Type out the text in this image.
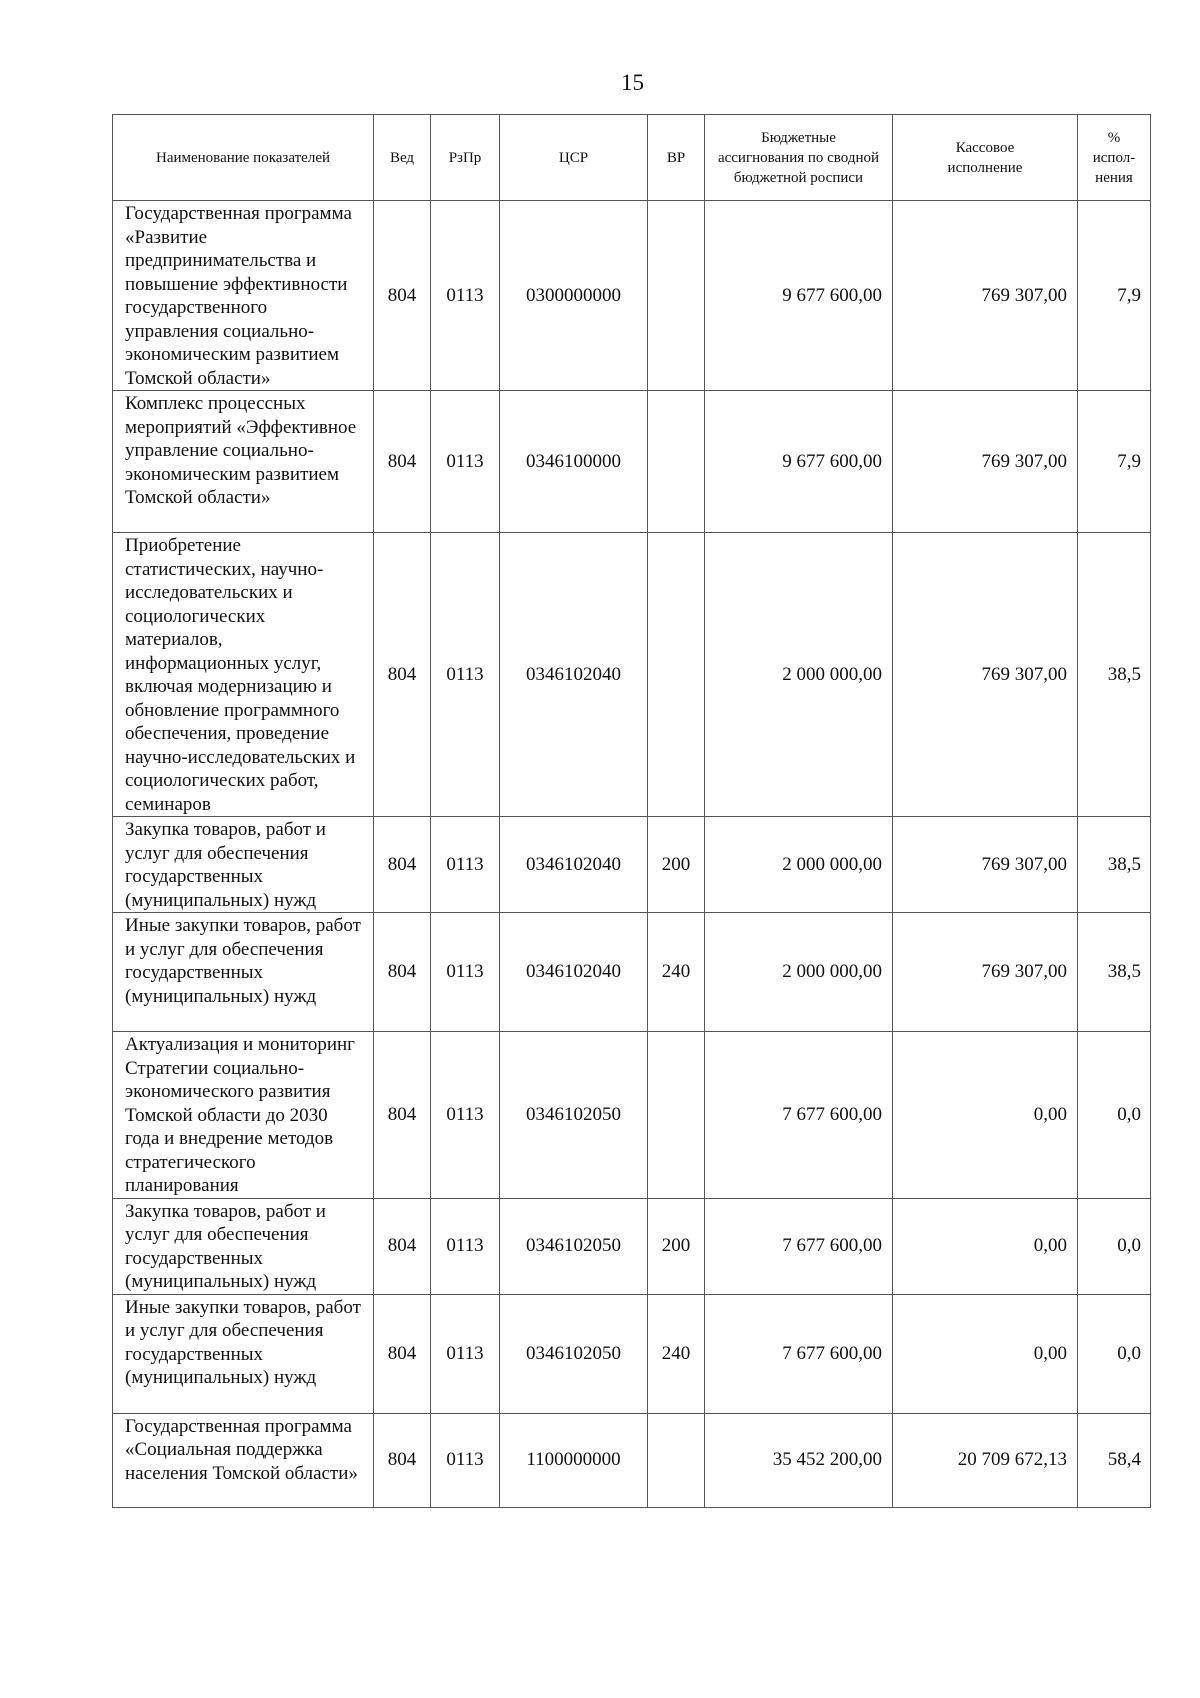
15
Наименование показателей	Вед	РзПр	ЦСР	ВР	Бюджетные ассигнования по сводной бюджетной росписи	Кассовое исполнение	% испол-нения
Государственная программа «Развитие предпринимательства и повышение эффективности государственного управления социально-экономическим развитием Томской области»	804	0113	0300000000		9 677 600,00	769 307,00	7,9
Комплекс процессных мероприятий «Эффективное управление социально-экономическим развитием Томской области»	804	0113	0346100000		9 677 600,00	769 307,00	7,9
Приобретение статистических, научно-исследовательских и социологических материалов, информационных услуг, включая модернизацию и обновление программного обеспечения, проведение научно-исследовательских и социологических работ, семинаров	804	0113	0346102040		2 000 000,00	769 307,00	38,5
Закупка товаров, работ и услуг для обеспечения государственных (муниципальных) нужд	804	0113	0346102040	200	2 000 000,00	769 307,00	38,5
Иные закупки товаров, работ и услуг для обеспечения государственных (муниципальных) нужд	804	0113	0346102040	240	2 000 000,00	769 307,00	38,5
Актуализация и мониторинг Стратегии социально-экономического развития Томской области до 2030 года и внедрение методов стратегического планирования	804	0113	0346102050		7 677 600,00	0,00	0,0
Закупка товаров, работ и услуг для обеспечения государственных (муниципальных) нужд	804	0113	0346102050	200	7 677 600,00	0,00	0,0
Иные закупки товаров, работ и услуг для обеспечения государственных (муниципальных) нужд	804	0113	0346102050	240	7 677 600,00	0,00	0,0
Государственная программа «Социальная поддержка населения Томской области»	804	0113	1100000000		35 452 200,00	20 709 672,13	58,4
